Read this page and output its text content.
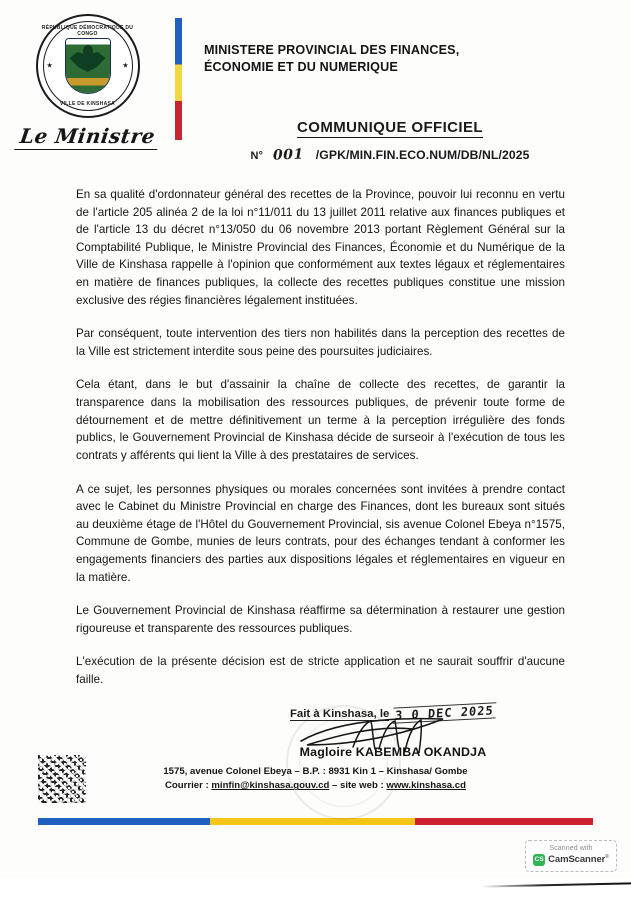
RÉPUBLIQUE DÉMOCRATIQUE DU CONGO
VILLE DE KINSHASA
★	★
Le Ministre
MINISTERE PROVINCIAL DES FINANCES, ÉCONOMIE ET DU NUMERIQUE
COMMUNIQUE OFFICIEL
N° 001 /GPK/MIN.FIN.ECO.NUM/DB/NL/2025

En sa qualité d'ordonnateur général des recettes de la Province, pouvoir lui reconnu en vertu de l'article 205 alinéa 2 de la loi n°11/011 du 13 juillet 2011 relative aux finances publiques et de l'article 13 du décret n°13/050 du 06 novembre 2013 portant Règlement Général sur la Comptabilité Publique, le Ministre Provincial des Finances, Économie et du Numérique de la Ville de Kinshasa rappelle à l'opinion que conformément aux textes légaux et réglementaires en matière de finances publiques, la collecte des recettes publiques constitue une mission exclusive des régies financières légalement instituées.

Par conséquent, toute intervention des tiers non habilités dans la perception des recettes de la Ville est strictement interdite sous peine des poursuites judiciaires.

Cela étant, dans le but d'assainir la chaîne de collecte des recettes, de garantir la transparence dans la mobilisation des ressources publiques, de prévenir toute forme de détournement et de mettre définitivement un terme à la perception irrégulière des fonds publics, le Gouvernement Provincial de Kinshasa décide de surseoir à l'exécution de tous les contrats y afférents qui lient la Ville à des prestataires de services.

A ce sujet, les personnes physiques ou morales concernées sont invitées à prendre contact avec le Cabinet du Ministre Provincial en charge des Finances, dont les bureaux sont situés au deuxième étage de l'Hôtel du Gouvernement Provincial, sis avenue Colonel Ebeya n°1575, Commune de Gombe, munies de leurs contrats, pour des échanges tendant à conformer les engagements financiers des parties aux dispositions légales et réglementaires en vigueur en la matière.

Le Gouvernement Provincial de Kinshasa réaffirme sa détermination à restaurer une gestion rigoureuse et transparente des ressources publiques.

L'exécution de la présente décision est de stricte application et ne saurait souffrir d'aucune faille.

Fait à Kinshasa, le 3 0 DEC 2025
Magloire KABEMBA OKANDJA
1575, avenue Colonel Ebeya – B.P. : 8931 Kin 1 – Kinshasa/ Gombe
Courrier : minfin@kinshasa.gouv.cd – site web : www.kinshasa.cd
Scanned with
CS CamScanner®
